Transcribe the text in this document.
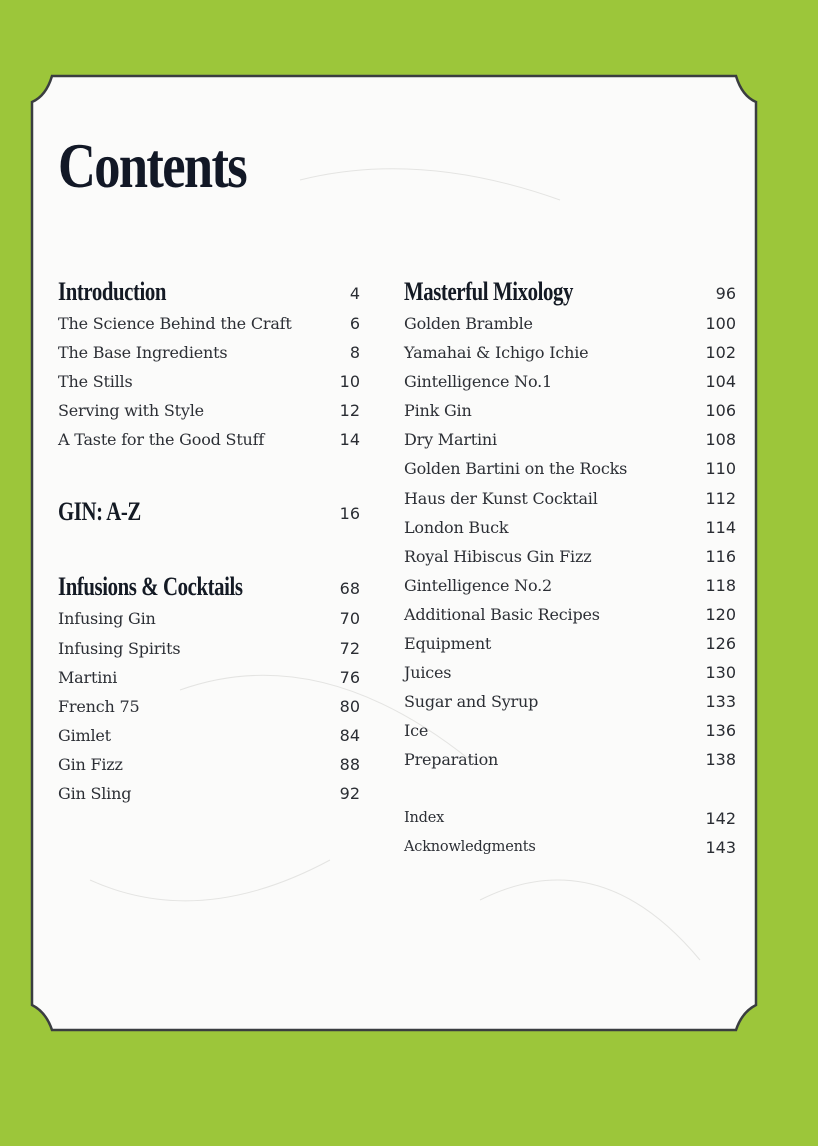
Contents
Introduction	4
The Science Behind the Craft	6
The Base Ingredients	8
The Stills	10
Serving with Style	12
A Taste for the Good Stuff	14
GIN: A-Z	16
Infusions & Cocktails	68
Infusing Gin	70
Infusing Spirits	72
Martini	76
French 75	80
Gimlet	84
Gin Fizz	88
Gin Sling	92
Masterful Mixology	96
Golden Bramble	100
Yamahai & Ichigo Ichie	102
Gintelligence No.1	104
Pink Gin	106
Dry Martini	108
Golden Bartini on the Rocks	110
Haus der Kunst Cocktail	112
London Buck	114
Royal Hibiscus Gin Fizz	116
Gintelligence No.2	118
Additional Basic Recipes	120
Equipment	126
Juices	130
Sugar and Syrup	133
Ice	136
Preparation	138
Index	142
Acknowledgments	143
